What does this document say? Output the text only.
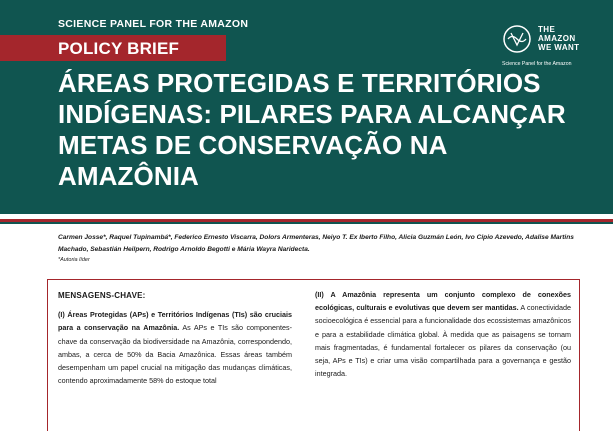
SCIENCE PANEL FOR THE AMAZON
POLICY BRIEF
ÁREAS PROTEGIDAS E TERRITÓRIOS INDÍGENAS: PILARES PARA ALCANÇAR METAS DE CONSERVAÇÃO NA AMAZÔNIA
THE
AMAZON
WE WANT
Science Panel for the Amazon
Carmen Josse*, Raquel Tupinambá*, Federico Ernesto Viscarra, Dolors Armenteras, Neiyo T. Ex Iberto Filho, Alicia Guzmán León, Ivo Cipio Azevedo, Adalise Martins Machado, Sebastián Heilpern, Rodrigo Arnoldo Begotti e Mária Wayra Naridecta.
*Autoria líder
MENSAGENS-CHAVE:

(I) Áreas Protegidas (APs) e Territórios Indígenas (TIs) são cruciais para a conservação na Amazônia. As APs e TIs são componentes-chave da conservação da biodiversidade na Amazônia, correspondendo, ambas, a cerca de 50% da Bacia Amazônica. Essas áreas também desempenham um papel crucial na mitigação das mudanças climáticas, contendo aproximadamente 58% do estoque total

(II) A Amazônia representa um conjunto complexo de conexões ecológicas, culturais e evolutivas que devem ser mantidas. A conectividade socioecológica é essencial para a funcionalidade dos ecossistemas amazônicos e para a estabilidade climática global. À medida que as paisagens se tornam mais fragmentadas, é fundamental fortalecer os pilares da conservação (ou seja, APs e TIs) e criar uma visão compartilhada para a governança e gestão integrada.
